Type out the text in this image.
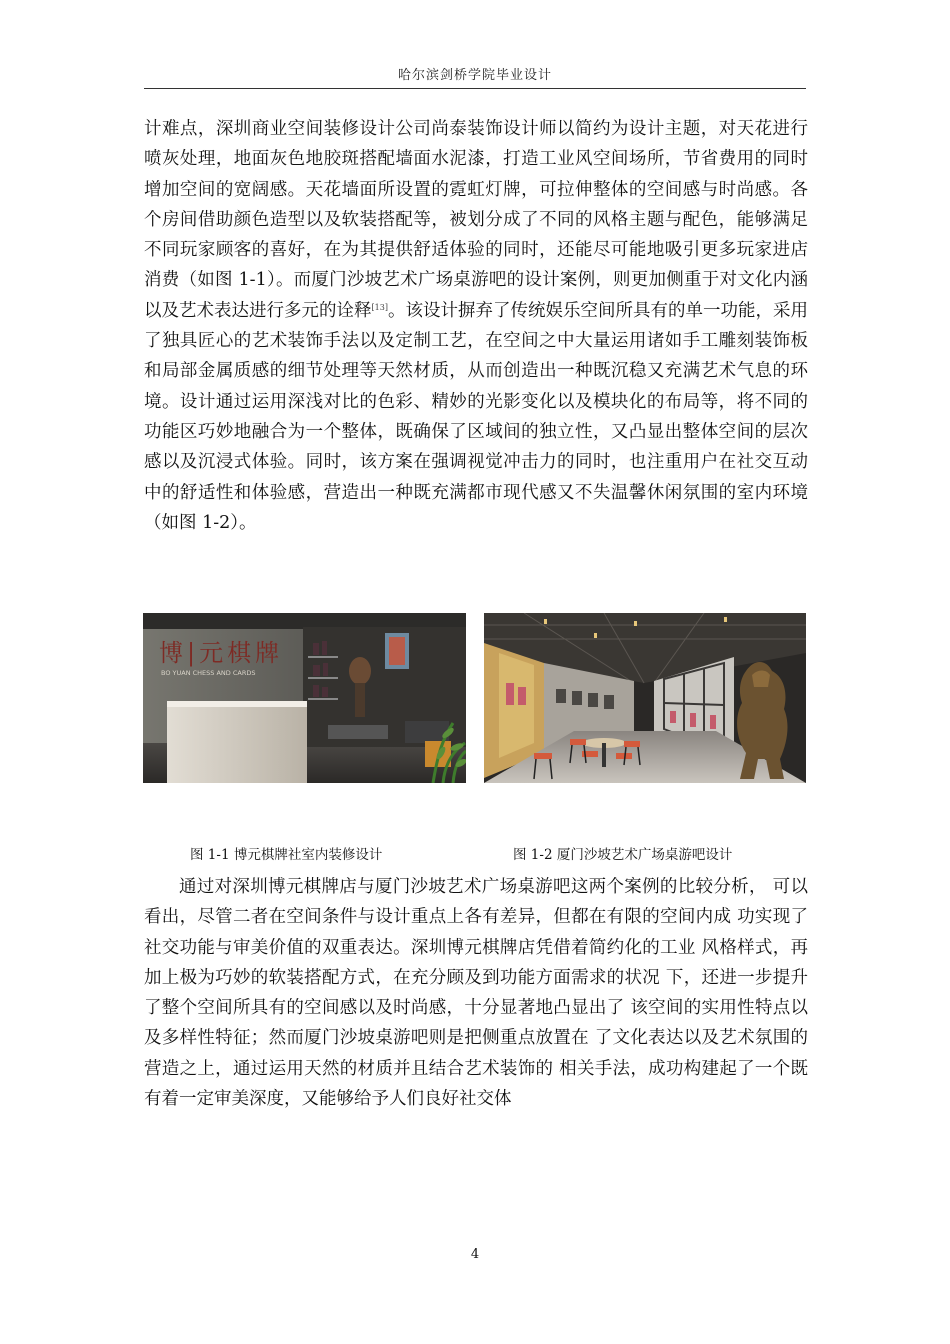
哈尔滨剑桥学院毕业设计

计难点，深圳商业空间装修设计公司尚泰装饰设计师以简约为设计主题，对天花进行喷灰处理，地面灰色地胶斑搭配墙面水泥漆，打造工业风空间场所，节省费用的同时增加空间的宽阔感。天花墙面所设置的霓虹灯牌，可拉伸整体的空间感与时尚感。各个房间借助颜色造型以及软装搭配等，被划分成了不同的风格主题与配色，能够满足不同玩家顾客的喜好，在为其提供舒适体验的同时，还能尽可能地吸引更多玩家进店消费（如图 1-1）。而厦门沙坡艺术广场桌游吧的设计案例，则更加侧重于对文化内涵以及艺术表达进行多元的诠释[13]。该设计摒弃了传统娱乐空间所具有的单一功能，采用了独具匠心的艺术装饰手法以及定制工艺，在空间之中大量运用诸如手工雕刻装饰板和局部金属质感的细节处理等天然材质，从而创造出一种既沉稳又充满艺术气息的环境。设计通过运用深浅对比的色彩、精妙的光影变化以及模块化的布局等，将不同的功能区巧妙地融合为一个整体，既确保了区域间的独立性，又凸显出整体空间的层次感以及沉浸式体验。同时，该方案在强调视觉冲击力的同时，也注重用户在社交互动中的舒适性和体验感，营造出一种既充满都市现代感又不失温馨休闲氛围的室内环境（如图 1-2）。

博|元棋牌
BO YUAN CHESS AND CARDS
图 1-1 博元棋牌社室内装修设计	图 1-2 厦门沙坡艺术广场桌游吧设计

通过对深圳博元棋牌店与厦门沙坡艺术广场桌游吧这两个案例的比较分析， 可以看出，尽管二者在空间条件与设计重点上各有差异，但都在有限的空间内成 功实现了社交功能与审美价值的双重表达。深圳博元棋牌店凭借着简约化的工业 风格样式，再加上极为巧妙的软装搭配方式，在充分顾及到功能方面需求的状况 下，还进一步提升了整个空间所具有的空间感以及时尚感，十分显著地凸显出了 该空间的实用性特点以及多样性特征；然而厦门沙坡桌游吧则是把侧重点放置在 了文化表达以及艺术氛围的营造之上，通过运用天然的材质并且结合艺术装饰的 相关手法，成功构建起了一个既有着一定审美深度，又能够给予人们良好社交体

4
